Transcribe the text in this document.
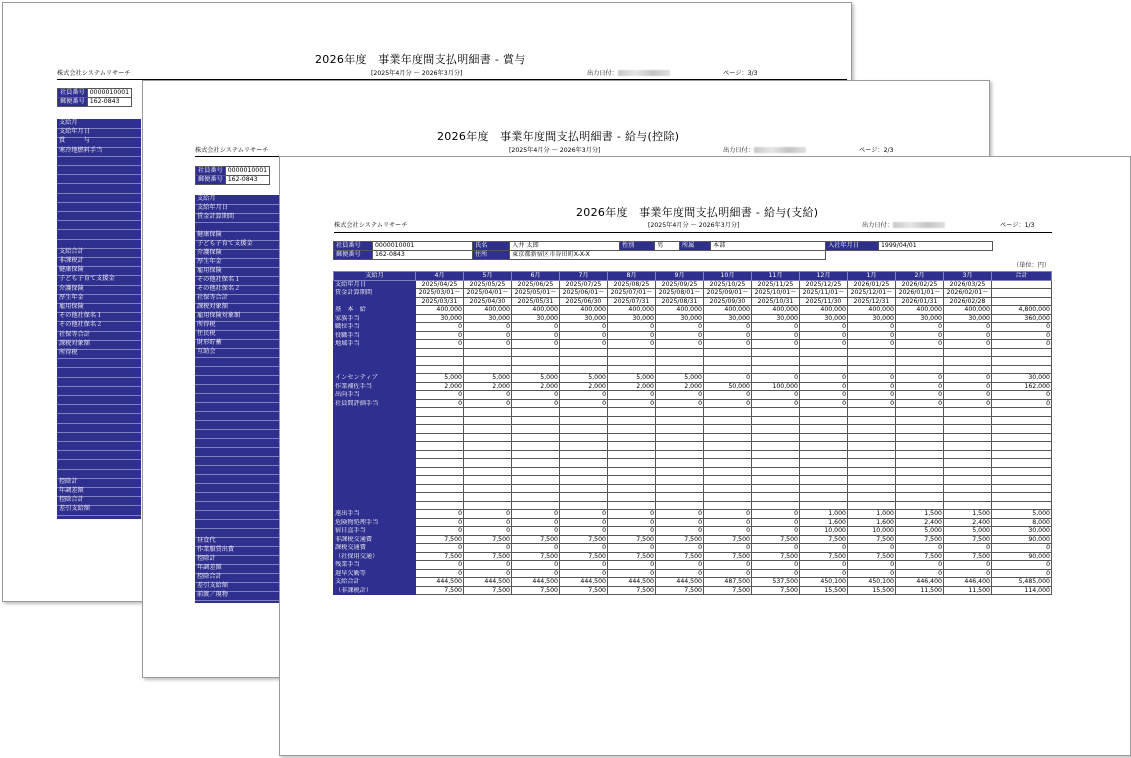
2026年度　事業年度間支払明細書 - 賞与
株式会社システムリサーチ	[2025年4月分 ～ 2026年3月分]	出力日付：	ページ：3/3
社員番号	0000010001
郵便番号	162-0843
支給月
支給年月日
賞　　　与
寒冷地燃料手当
支給合計
非課税計
健康保険
子ども子育て支援金
介護保険
厚生年金
雇用保険
その他社保名１
その他社保名２
社保等合計
課税対象額
所得税
控除計
年調差額
控除合計
差引支給額
2026年度　事業年度間支払明細書 - 給与(控除)
株式会社システムリサーチ	[2025年4月分 ～ 2026年3月分]	出力日付：	ページ：2/3
社員番号	0000010001
郵便番号	162-0843
支給月
支給年月日
賃金計算期間
健康保険
子ども子育て支援金
介護保険
厚生年金
雇用保険
その他社保名１
その他社保名２
社保等合計
課税対象額
雇用保険対象額
所得税
住民税
財形貯蓄
互助会
昼食代
作業服賃出費
控除計
年調差額
控除合計
差引支給額
前渡／現物
2026年度　事業年度間支払明細書 - 給与(支給)
株式会社システムリサーチ	[2025年4月分 ～ 2026年3月分]	出力日付：	ページ：1/3
社員番号	0000010001	氏名	入井 太郎	性別	男	所属	本部	入社年月日	1999/04/01
郵便番号	162-0843	住所	東京都新宿区市谷田町X-X-X						
（単位：円）
支給月	4月	5月	6月	7月	8月	9月	10月	11月	12月	1月	2月	3月	合計
支給年月日	2025/04/25	2025/05/25	2025/06/25	2025/07/25	2025/08/25	2025/09/25	2025/10/25	2025/11/25	2025/12/25	2026/01/25	2026/02/25	2026/03/25	
賃金計算期間	2025/03/01～	2025/04/01～	2025/05/01～	2025/06/01～	2025/07/01～	2025/08/01～	2025/09/01～	2025/10/01～	2025/11/01～	2025/12/01～	2026/01/01～	2026/02/01～	
	2025/03/31	2025/04/30	2025/05/31	2025/06/30	2025/07/31	2025/08/31	2025/09/30	2025/10/31	2025/11/30	2025/12/31	2026/01/31	2026/02/28	
基　本　給	400,000	400,000	400,000	400,000	400,000	400,000	400,000	400,000	400,000	400,000	400,000	400,000	4,800,000
家族手当	30,000	30,000	30,000	30,000	30,000	30,000	30,000	30,000	30,000	30,000	30,000	30,000	360,000
職位手当	0	0	0	0	0	0	0	0	0	0	0	0	0
役職手当	0	0	0	0	0	0	0	0	0	0	0	0	0
地域手当	0	0	0	0	0	0	0	0	0	0	0	0	0

インセンティブ	5,000	5,000	5,000	5,000	5,000	5,000	0	0	0	0	0	0	30,000
作業補佐手当	2,000	2,000	2,000	2,000	2,000	2,000	50,000	100,000	0	0	0	0	162,000
出向手当	0	0	0	0	0	0	0	0	0	0	0	0	0
社員間評価手当	0	0	0	0	0	0	0	0	0	0	0	0	0

遠出手当	0	0	0	0	0	0	0	0	1,000	1,000	1,500	1,500	5,000
危険物処理手当	0	0	0	0	0	0	0	0	1,600	1,600	2,400	2,400	8,000
宿日直手当	0	0	0	0	0	0	0	0	10,000	10,000	5,000	5,000	30,000
非課税交通費	7,500	7,500	7,500	7,500	7,500	7,500	7,500	7,500	7,500	7,500	7,500	7,500	90,000
課税交通費	0	0	0	0	0	0	0	0	0	0	0	0	0
（社保用交通）	7,500	7,500	7,500	7,500	7,500	7,500	7,500	7,500	7,500	7,500	7,500	7,500	90,000
残業手当	0	0	0	0	0	0	0	0	0	0	0	0	0
遅早欠勤等	0	0	0	0	0	0	0	0	0	0	0	0	0
支給合計	444,500	444,500	444,500	444,500	444,500	444,500	487,500	537,500	450,100	450,100	446,400	446,400	5,485,000
（非課税計）	7,500	7,500	7,500	7,500	7,500	7,500	7,500	7,500	15,500	15,500	11,500	11,500	114,000
